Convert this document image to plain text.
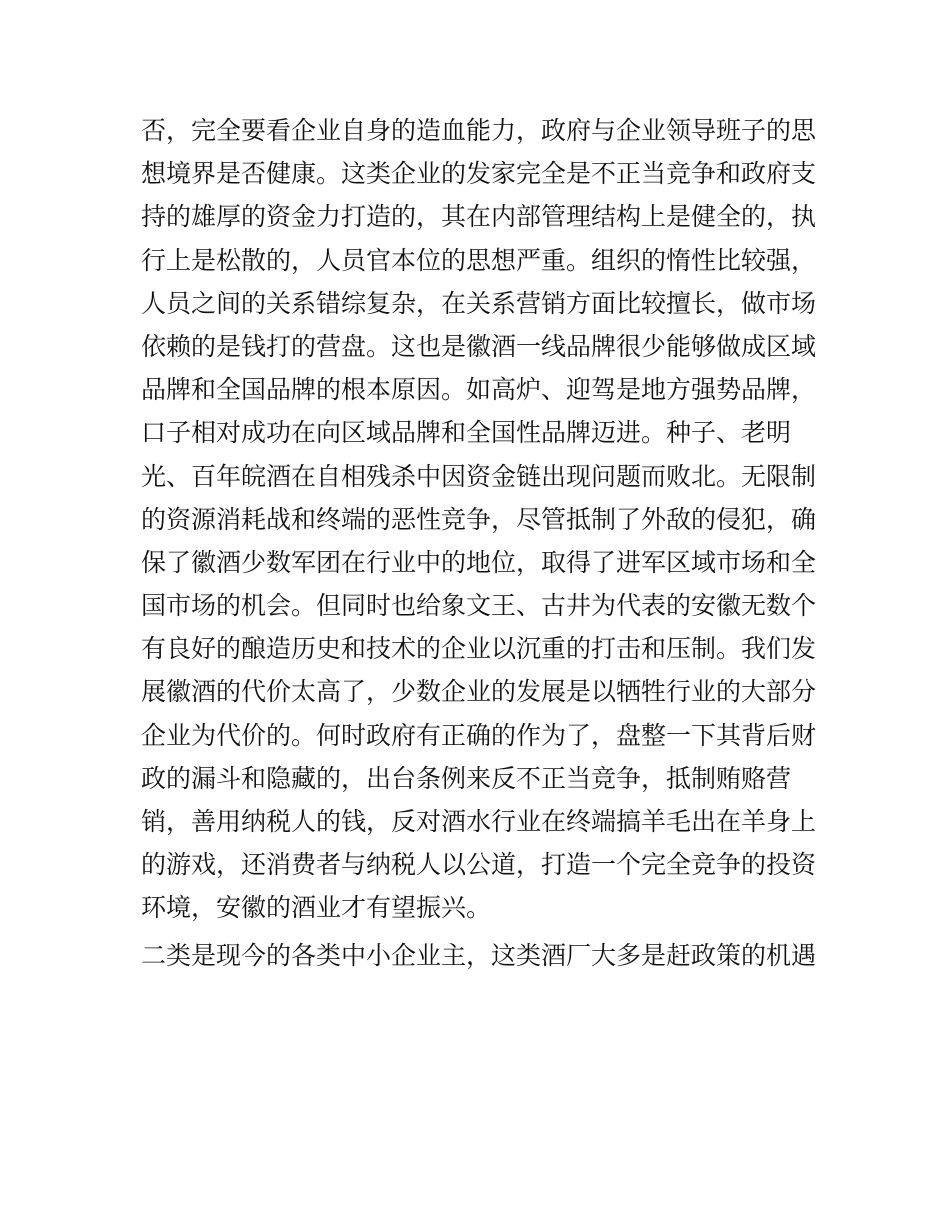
否，完全要看企业自身的造血能力，政府与企业领导班子的思
想境界是否健康。这类企业的发家完全是不正当竞争和政府支
持的雄厚的资金力打造的，其在内部管理结构上是健全的，执
行上是松散的，人员官本位的思想严重。组织的惰性比较强，
人员之间的关系错综复杂，在关系营销方面比较擅长，做市场
依赖的是钱打的营盘。这也是徽酒一线品牌很少能够做成区域
品牌和全国品牌的根本原因。如高炉、迎驾是地方强势品牌，
口子相对成功在向区域品牌和全国性品牌迈进。种子、老明
光、百年皖酒在自相残杀中因资金链出现问题而败北。无限制
的资源消耗战和终端的恶性竞争，尽管抵制了外敌的侵犯，确
保了徽酒少数军团在行业中的地位，取得了进军区域市场和全
国市场的机会。但同时也给象文王、古井为代表的安徽无数个
有良好的酿造历史和技术的企业以沉重的打击和压制。我们发
展徽酒的代价太高了，少数企业的发展是以牺牲行业的大部分
企业为代价的。何时政府有正确的作为了，盘整一下其背后财
政的漏斗和隐藏的，出台条例来反不正当竞争，抵制贿赂营
销，善用纳税人的钱，反对酒水行业在终端搞羊毛出在羊身上
的游戏，还消费者与纳税人以公道，打造一个完全竞争的投资
环境，安徽的酒业才有望振兴。
二类是现今的各类中小企业主，这类酒厂大多是赶政策的机遇
